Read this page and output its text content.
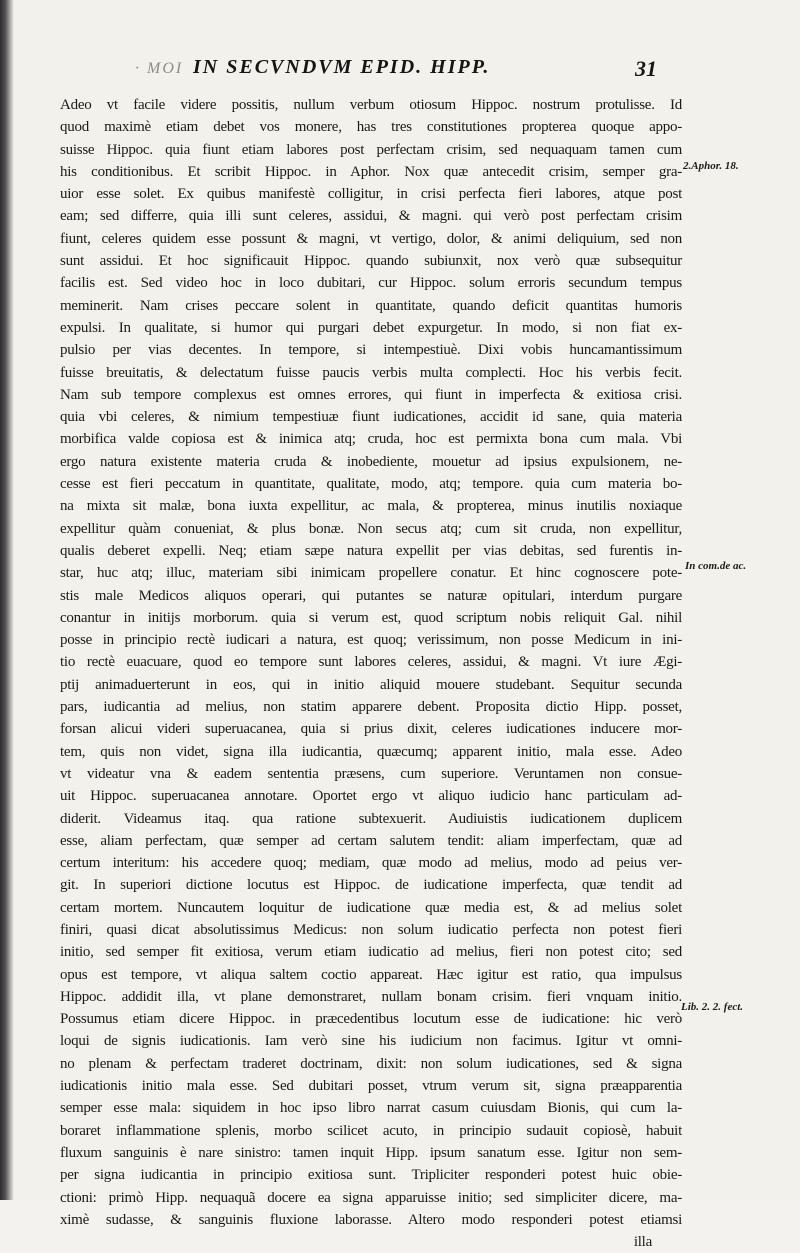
· MOI IN SECVNDVM EPID. HIPP.	31
Adeo vt facile videre possitis, nullum verbum otiosum Hippoc. nostrum protulisse. Id
quod maximè etiam debet vos monere, has tres constitutiones propterea quoque appo-
suisse Hippoc. quia fiunt etiam labores post perfectam crisim, sed nequaquam tamen cum
his conditionibus. Et scribit Hippoc. in Aphor. Nox quæ antecedit crisim, semper gra-
uior esse solet. Ex quibus manifestè colligitur, in crisi perfecta fieri labores, atque post
eam; sed differre, quia illi sunt celeres, assidui, & magni. qui verò post perfectam crisim
fiunt, celeres quidem esse possunt & magni, vt vertigo, dolor, & animi deliquium, sed non
sunt assidui. Et hoc significauit Hippoc. quando subiunxit, nox verò quæ subsequitur
facilis est. Sed video hoc in loco dubitari, cur Hippoc. solum erroris secundum tempus
meminerit. Nam crises peccare solent in quantitate, quando deficit quantitas humoris
expulsi. In qualitate, si humor qui purgari debet expurgetur. In modo, si non fiat ex-
pulsio per vias decentes. In tempore, si intempestiuè. Dixi vobis huncamantissimum
fuisse breuitatis, & delectatum fuisse paucis verbis multa complecti. Hoc his verbis fecit.
Nam sub tempore complexus est omnes errores, qui fiunt in imperfecta & exitiosa crisi.
quia vbi celeres, & nimium tempestiuæ fiunt iudicationes, accidit id sane, quia materia
morbifica valde copiosa est & inimica atq; cruda, hoc est permixta bona cum mala. Vbi
ergo natura existente materia cruda & inobediente, mouetur ad ipsius expulsionem, ne-
cesse est fieri peccatum in quantitate, qualitate, modo, atq; tempore. quia cum materia bo-
na mixta sit malæ, bona iuxta expellitur, ac mala, & propterea, minus inutilis noxiaque
expellitur quàm conueniat, & plus bonæ. Non secus atq; cum sit cruda, non expellitur,
qualis deberet expelli. Neq; etiam sæpe natura expellit per vias debitas, sed furentis in-
star, huc atq; illuc, materiam sibi inimicam propellere conatur. Et hinc cognoscere pote-
stis male Medicos aliquos operari, qui putantes se naturæ opitulari, interdum purgare
conantur in initijs morborum. quia si verum est, quod scriptum nobis reliquit Gal. nihil
posse in principio rectè iudicari a natura, est quoq; verissimum, non posse Medicum in ini-
tio rectè euacuare, quod eo tempore sunt labores celeres, assidui, & magni. Vt iure Ægi-
ptij animaduerterunt in eos, qui in initio aliquid mouere studebant. Sequitur secunda
pars, iudicantia ad melius, non statim apparere debent. Proposita dictio Hipp. posset,
forsan alicui videri superuacanea, quia si prius dixit, celeres iudicationes inducere mor-
tem, quis non videt, signa illa iudicantia, quæcumq; apparent initio, mala esse. Adeo
vt videatur vna & eadem sententia præsens, cum superiore. Veruntamen non consue-
uit Hippoc. superuacanea annotare. Oportet ergo vt aliquo iudicio hanc particulam ad-
diderit. Videamus itaq. qua ratione subtexuerit. Audiuistis iudicationem duplicem
esse, aliam perfectam, quæ semper ad certam salutem tendit: aliam imperfectam, quæ ad
certum interitum: his accedere quoq; mediam, quæ modo ad melius, modo ad peius ver-
git. In superiori dictione locutus est Hippoc. de iudicatione imperfecta, quæ tendit ad
certam mortem. Nuncautem loquitur de iudicatione quæ media est, & ad melius solet
finiri, quasi dicat absolutissimus Medicus: non solum iudicatio perfecta non potest fieri
initio, sed semper fit exitiosa, verum etiam iudicatio ad melius, fieri non potest cito; sed
opus est tempore, vt aliqua saltem coctio appareat. Hæc igitur est ratio, qua impulsus
Hippoc. addidit illa, vt plane demonstraret, nullam bonam crisim. fieri vnquam initio.
Possumus etiam dicere Hippoc. in præcedentibus locutum esse de iudicatione: hic verò
loqui de signis iudicationis. Iam verò sine his iudicium non facimus. Igitur vt omni-
no plenam & perfectam traderet doctrinam, dixit: non solum iudicationes, sed & signa
iudicationis initio mala esse. Sed dubitari posset, vtrum verum sit, signa præapparentia
semper esse mala: siquidem in hoc ipso libro narrat casum cuiusdam Bionis, qui cum la-
boraret inflammatione splenis, morbo scilicet acuto, in principio sudauit copiosè, habuit
fluxum sanguinis è nare sinistro: tamen inquit Hipp. ipsum sanatum esse. Igitur non sem-
per signa iudicantia in principio exitiosa sunt. Tripliciter responderi potest huic obie-
ctioni: primò Hipp. nequaquã docere ea signa apparuisse initio; sed simpliciter dicere, ma-
ximè sudasse, & sanguinis fluxione laborasse. Altero modo responderi potest etiamsi
illa
2.Aphor. 18.
In com.de ac.
Lib. 2. 2. fect.
